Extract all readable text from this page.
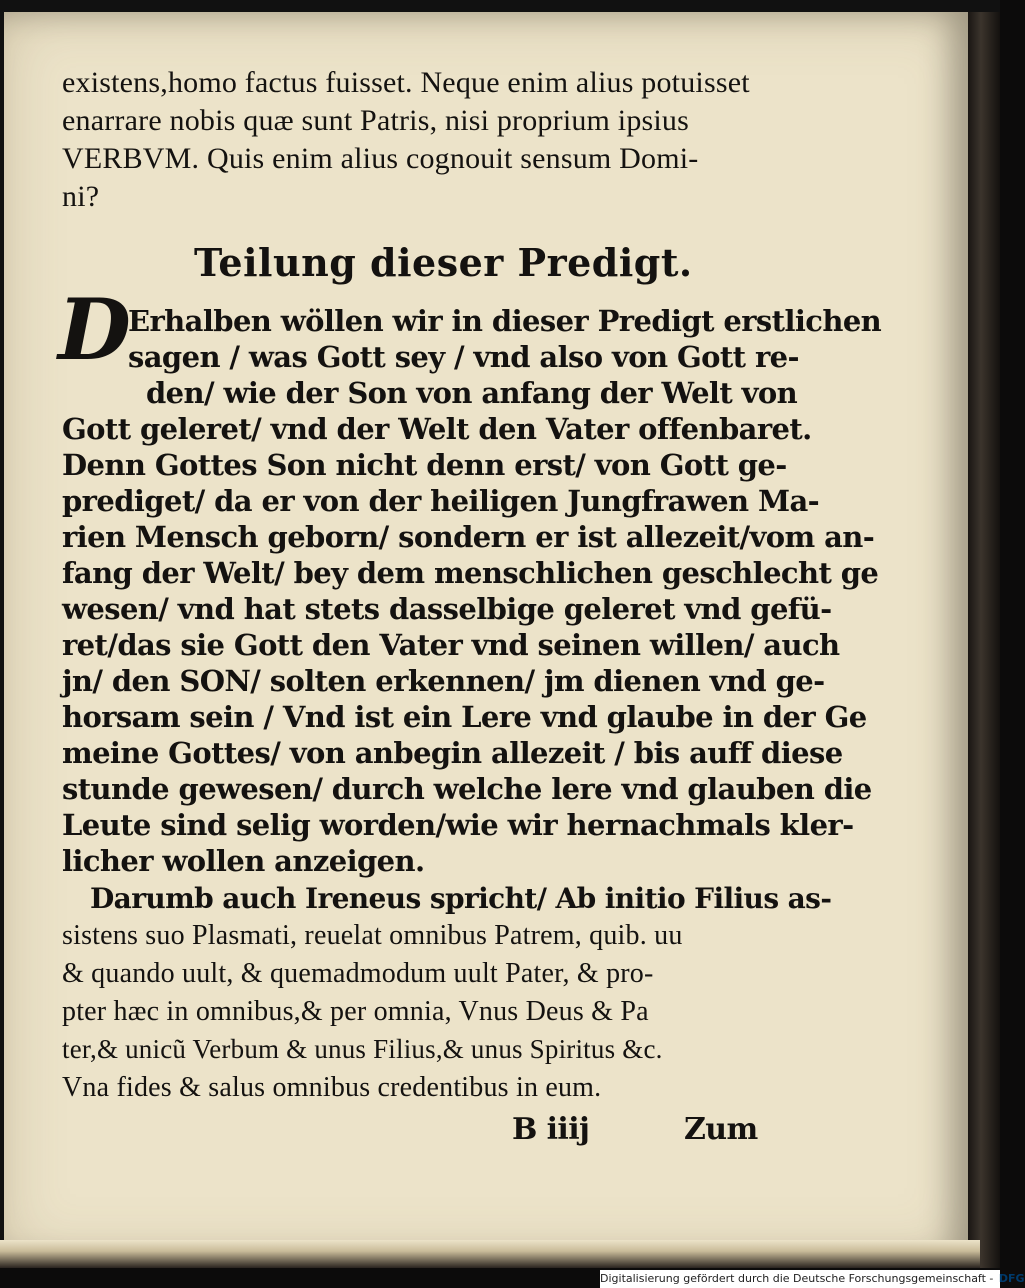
existens,homo factus fuisset. Neque enim alius potuisset
enarrare nobis quæ sunt Patris, nisi proprium ipsius
VERBVM. Quis enim alius cognouit sensum Domi-
ni?
Teilung dieser Predigt.
D
Erhalben wöllen wir in dieser Predigt erstlichen
sagen / was Gott sey / vnd also von Gott re-
den/ wie der Son von anfang der Welt von
Gott geleret/ vnd der Welt den Vater offenbaret.
Denn Gottes Son nicht denn erst/ von Gott ge-
prediget/ da er von der heiligen Jungfrawen Ma-
rien Mensch geborn/ sondern er ist allezeit/vom an-
fang der Welt/ bey dem menschlichen geschlecht ge
wesen/ vnd hat stets dasselbige geleret vnd gefü-
ret/das sie Gott den Vater vnd seinen willen/ auch
jn/ den SON/ solten erkennen/ jm dienen vnd ge-
horsam sein / Vnd ist ein Lere vnd glaube in der Ge
meine Gottes/ von anbegin allezeit / bis auff diese
stunde gewesen/ durch welche lere vnd glauben die
Leute sind selig worden/wie wir hernachmals kler-
licher wollen anzeigen.
Darumb auch Ireneus spricht/ Ab initio Filius as-
sistens suo Plasmati, reuelat omnibus Patrem, quib. uu
& quando uult, & quemadmodum uult Pater, & pro-
pter hæc in omnibus,& per omnia, Vnus Deus & Pa
ter,& unicũ Verbum & unus Filius,& unus Spiritus &c.
Vna fides & salus omnibus credentibus in eum.
B iiij	Zum
Digitalisierung gefördert durch die Deutsche Forschungsgemeinschaft - DFG
